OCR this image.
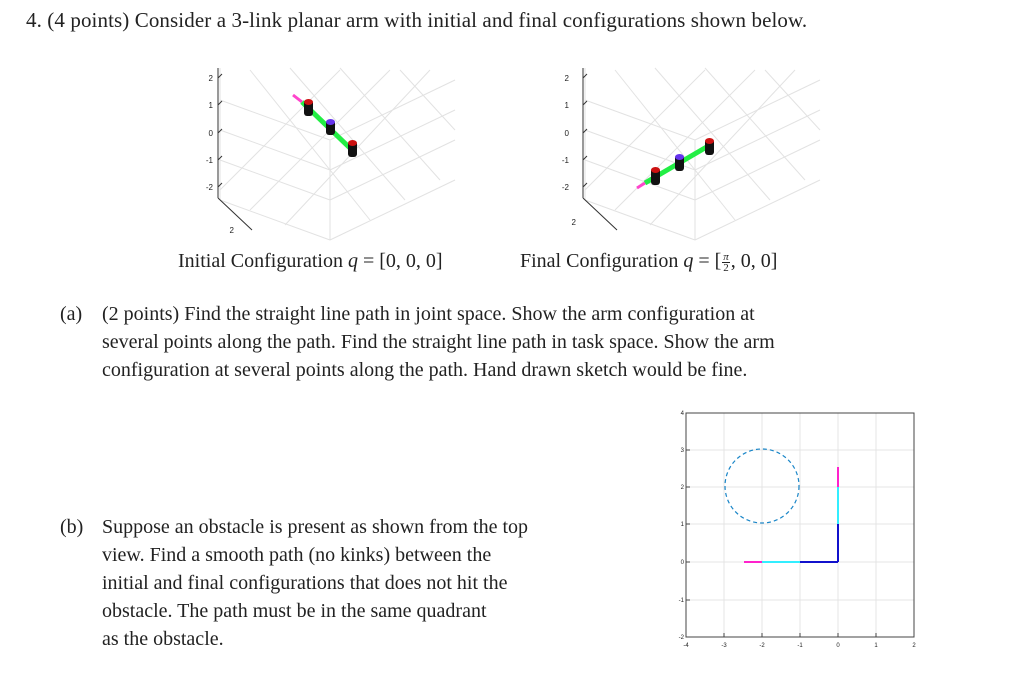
4. (4 points) Consider a 3-link planar arm with initial and final configurations shown below.
2
1
0
-1
-2
2
2
1
0
-1
-2
2
Initial Configuration q = [0, 0, 0]	Final Configuration q = [ $\frac{\pi}{2}$ , 0, 0]
(a) (2 points) Find the straight line path in joint space. Show the arm configuration at
several points along the path. Find the straight line path in task space. Show the arm
configuration at several points along the path. Hand drawn sketch would be fine.
(b) Suppose an obstacle is present as shown from the top
view. Find a smooth path (no kinks) between the
initial and final configurations that does not hit the
obstacle. The path must be in the same quadrant
as the obstacle.
4
3
2
1
0
-1
-2
-4	-3	-2	-1	0	1	2
